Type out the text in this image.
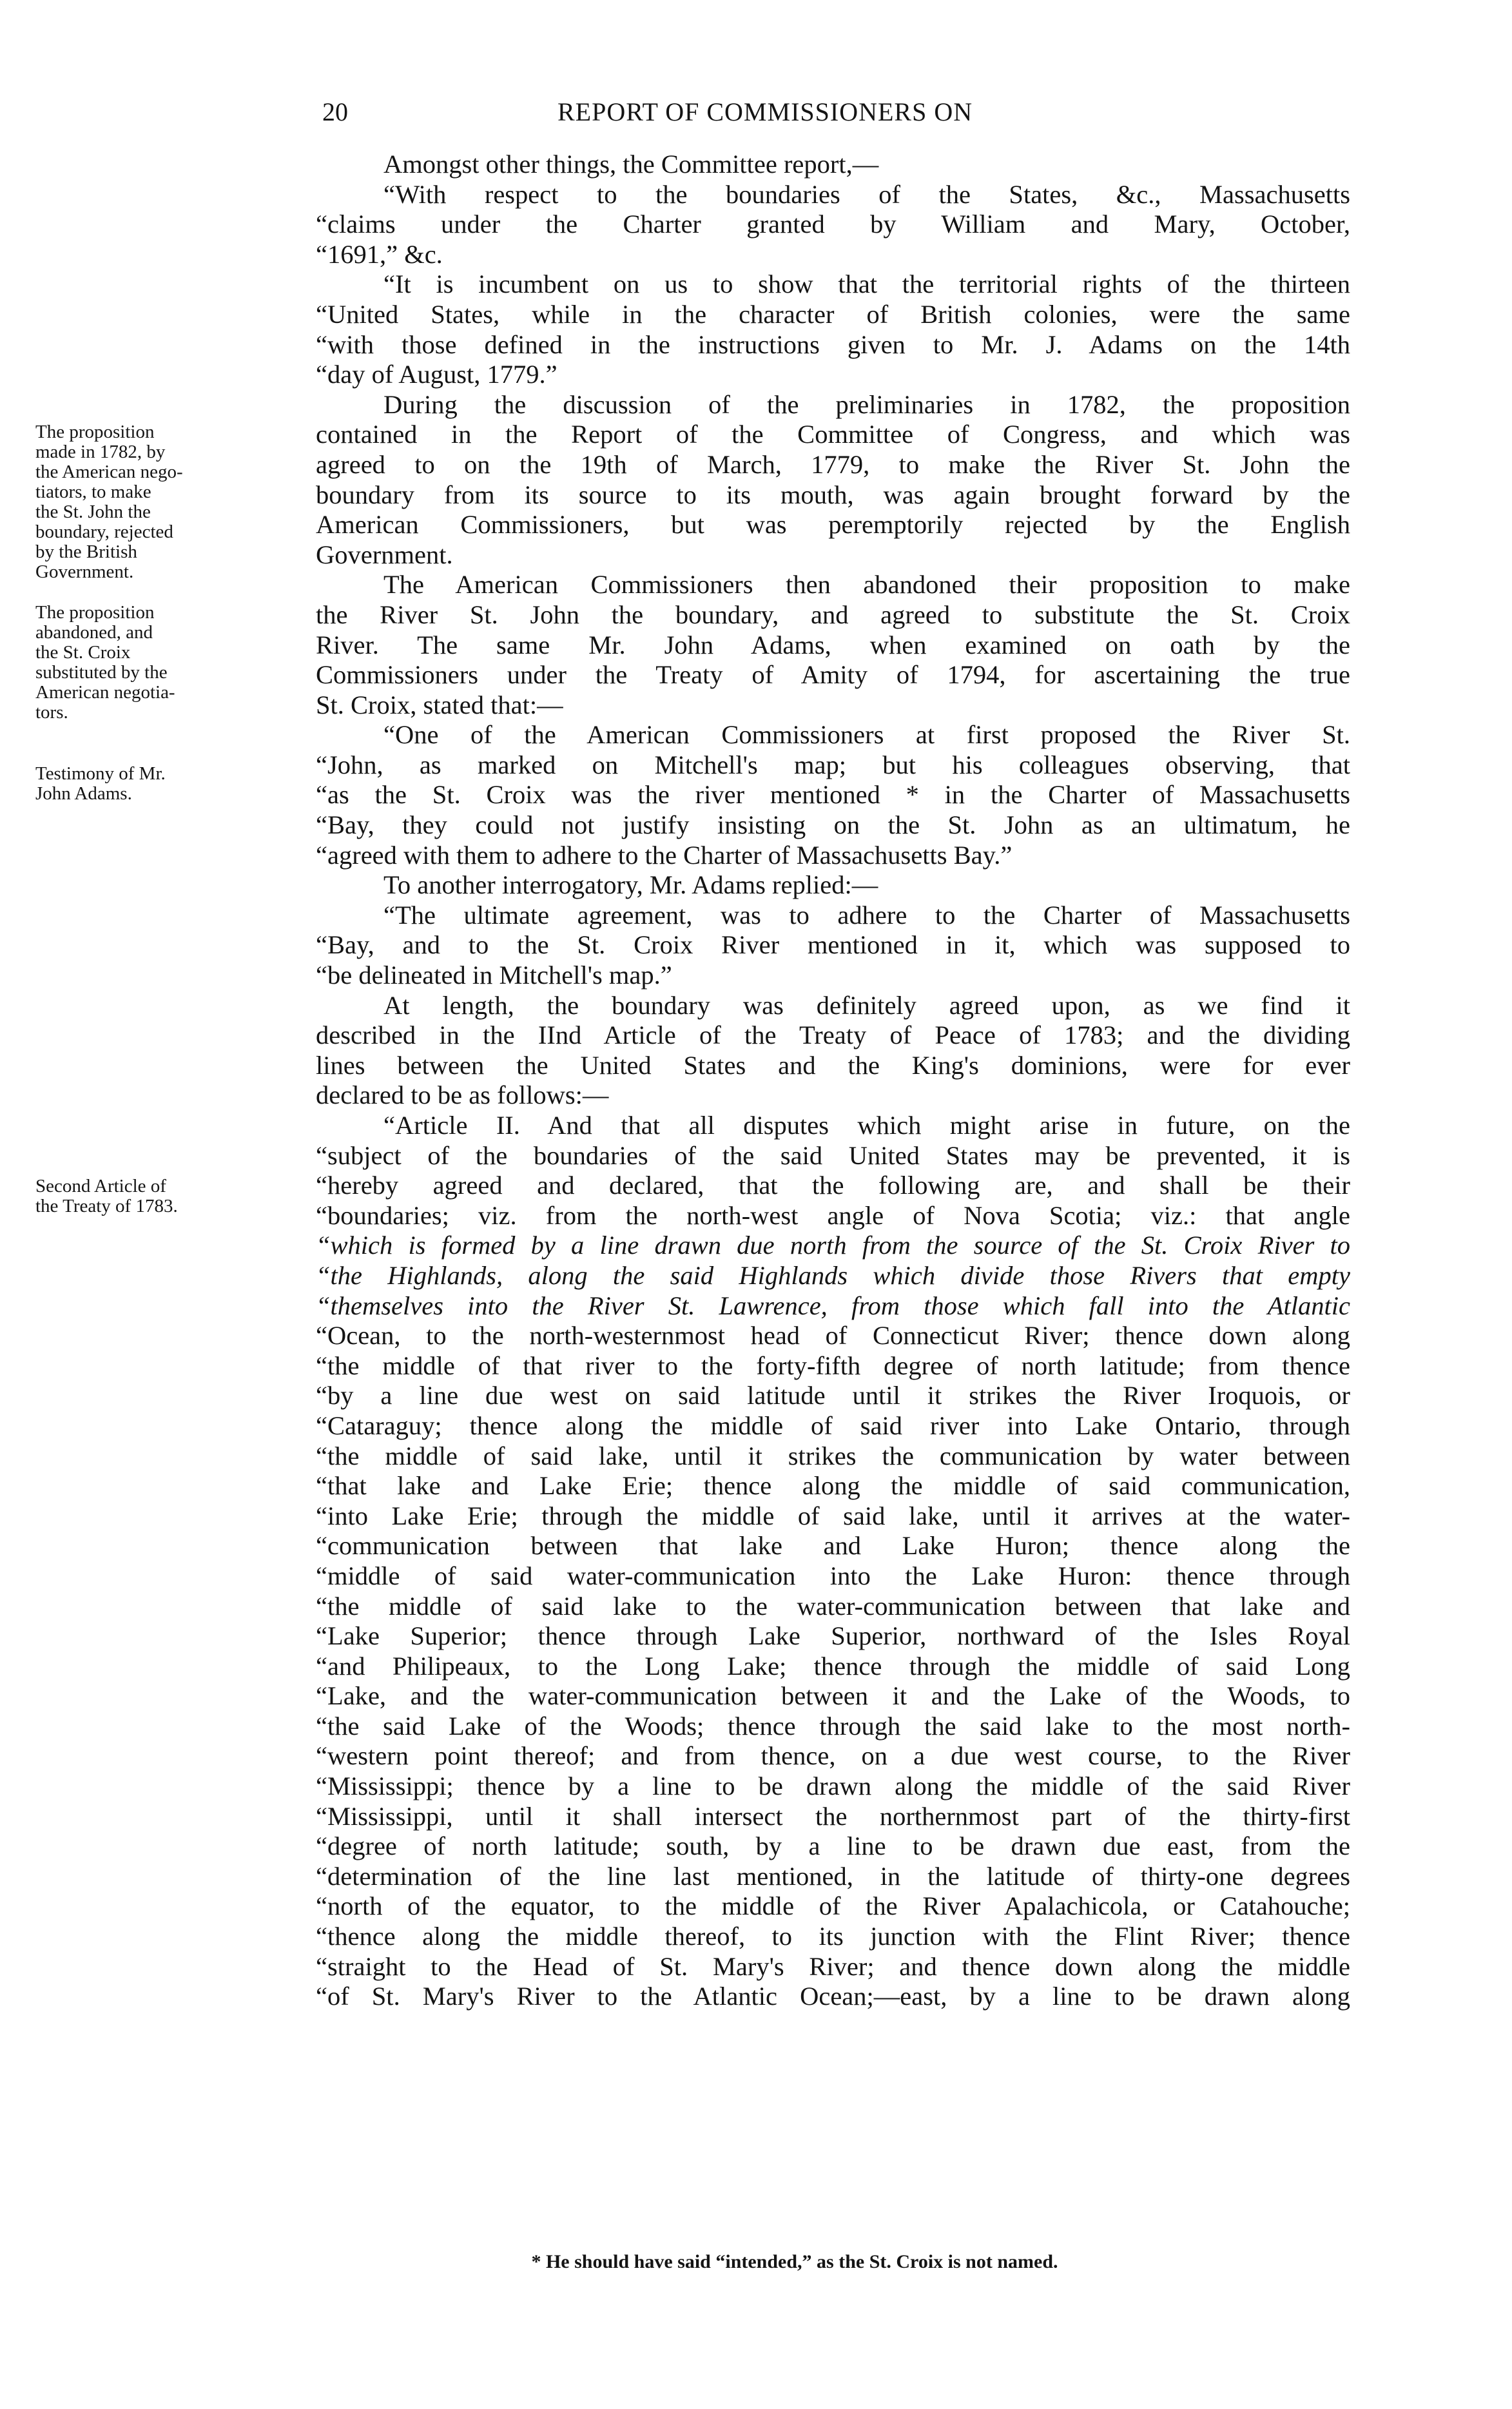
20	REPORT OF COMMISSIONERS ON
The proposition
made in 1782, by
the American nego-
tiators, to make
the St. John the
boundary, rejected
by the British
Government.
The proposition
abandoned, and
the St. Croix
substituted by the
American negotia-
tors.
Testimony of Mr.
John Adams.
Second Article of
the Treaty of 1783.
Amongst other things, the Committee report,—
“With respect to the boundaries of the States, &c., Massachusetts
“claims under the Charter granted by William and Mary, October,
“1691,” &c.
“It is incumbent on us to show that the territorial rights of the thirteen
“United States, while in the character of British colonies, were the same
“with those defined in the instructions given to Mr. J. Adams on the 14th
“day of August, 1779.”
During the discussion of the preliminaries in 1782, the proposition
contained in the Report of the Committee of Congress, and which was
agreed to on the 19th of March, 1779, to make the River St. John the
boundary from its source to its mouth, was again brought forward by the
American Commissioners, but was peremptorily rejected by the English
Government.
The American Commissioners then abandoned their proposition to make
the River St. John the boundary, and agreed to substitute the St. Croix
River. The same Mr. John Adams, when examined on oath by the
Commissioners under the Treaty of Amity of 1794, for ascertaining the true
St. Croix, stated that:—
“One of the American Commissioners at first proposed the River St.
“John, as marked on Mitchell's map; but his colleagues observing, that
“as the St. Croix was the river mentioned * in the Charter of Massachusetts
“Bay, they could not justify insisting on the St. John as an ultimatum, he
“agreed with them to adhere to the Charter of Massachusetts Bay.”
To another interrogatory, Mr. Adams replied:—
“The ultimate agreement, was to adhere to the Charter of Massachusetts
“Bay, and to the St. Croix River mentioned in it, which was supposed to
“be delineated in Mitchell's map.”
At length, the boundary was definitely agreed upon, as we find it
described in the IInd Article of the Treaty of Peace of 1783; and the dividing
lines between the United States and the King's dominions, were for ever
declared to be as follows:—
“Article II. And that all disputes which might arise in future, on the
“subject of the boundaries of the said United States may be prevented, it is
“hereby agreed and declared, that the following are, and shall be their
“boundaries; viz. from the north-west angle of Nova Scotia; viz.: that angle
“which is formed by a line drawn due north from the source of the St. Croix River to
“the Highlands, along the said Highlands which divide those Rivers that empty
“themselves into the River St. Lawrence, from those which fall into the Atlantic
“Ocean, to the north-westernmost head of Connecticut River; thence down along
“the middle of that river to the forty-fifth degree of north latitude; from thence
“by a line due west on said latitude until it strikes the River Iroquois, or
“Cataraguy; thence along the middle of said river into Lake Ontario, through
“the middle of said lake, until it strikes the communication by water between
“that lake and Lake Erie; thence along the middle of said communication,
“into Lake Erie; through the middle of said lake, until it arrives at the water-
“communication between that lake and Lake Huron; thence along the
“middle of said water-communication into the Lake Huron: thence through
“the middle of said lake to the water-communication between that lake and
“Lake Superior; thence through Lake Superior, northward of the Isles Royal
“and Philipeaux, to the Long Lake; thence through the middle of said Long
“Lake, and the water-communication between it and the Lake of the Woods, to
“the said Lake of the Woods; thence through the said lake to the most north-
“western point thereof; and from thence, on a due west course, to the River
“Mississippi; thence by a line to be drawn along the middle of the said River
“Mississippi, until it shall intersect the northernmost part of the thirty-first
“degree of north latitude; south, by a line to be drawn due east, from the
“determination of the line last mentioned, in the latitude of thirty-one degrees
“north of the equator, to the middle of the River Apalachicola, or Catahouche;
“thence along the middle thereof, to its junction with the Flint River; thence
“straight to the Head of St. Mary's River; and thence down along the middle
“of St. Mary's River to the Atlantic Ocean;—east, by a line to be drawn along
* He should have said “intended,” as the St. Croix is not named.
